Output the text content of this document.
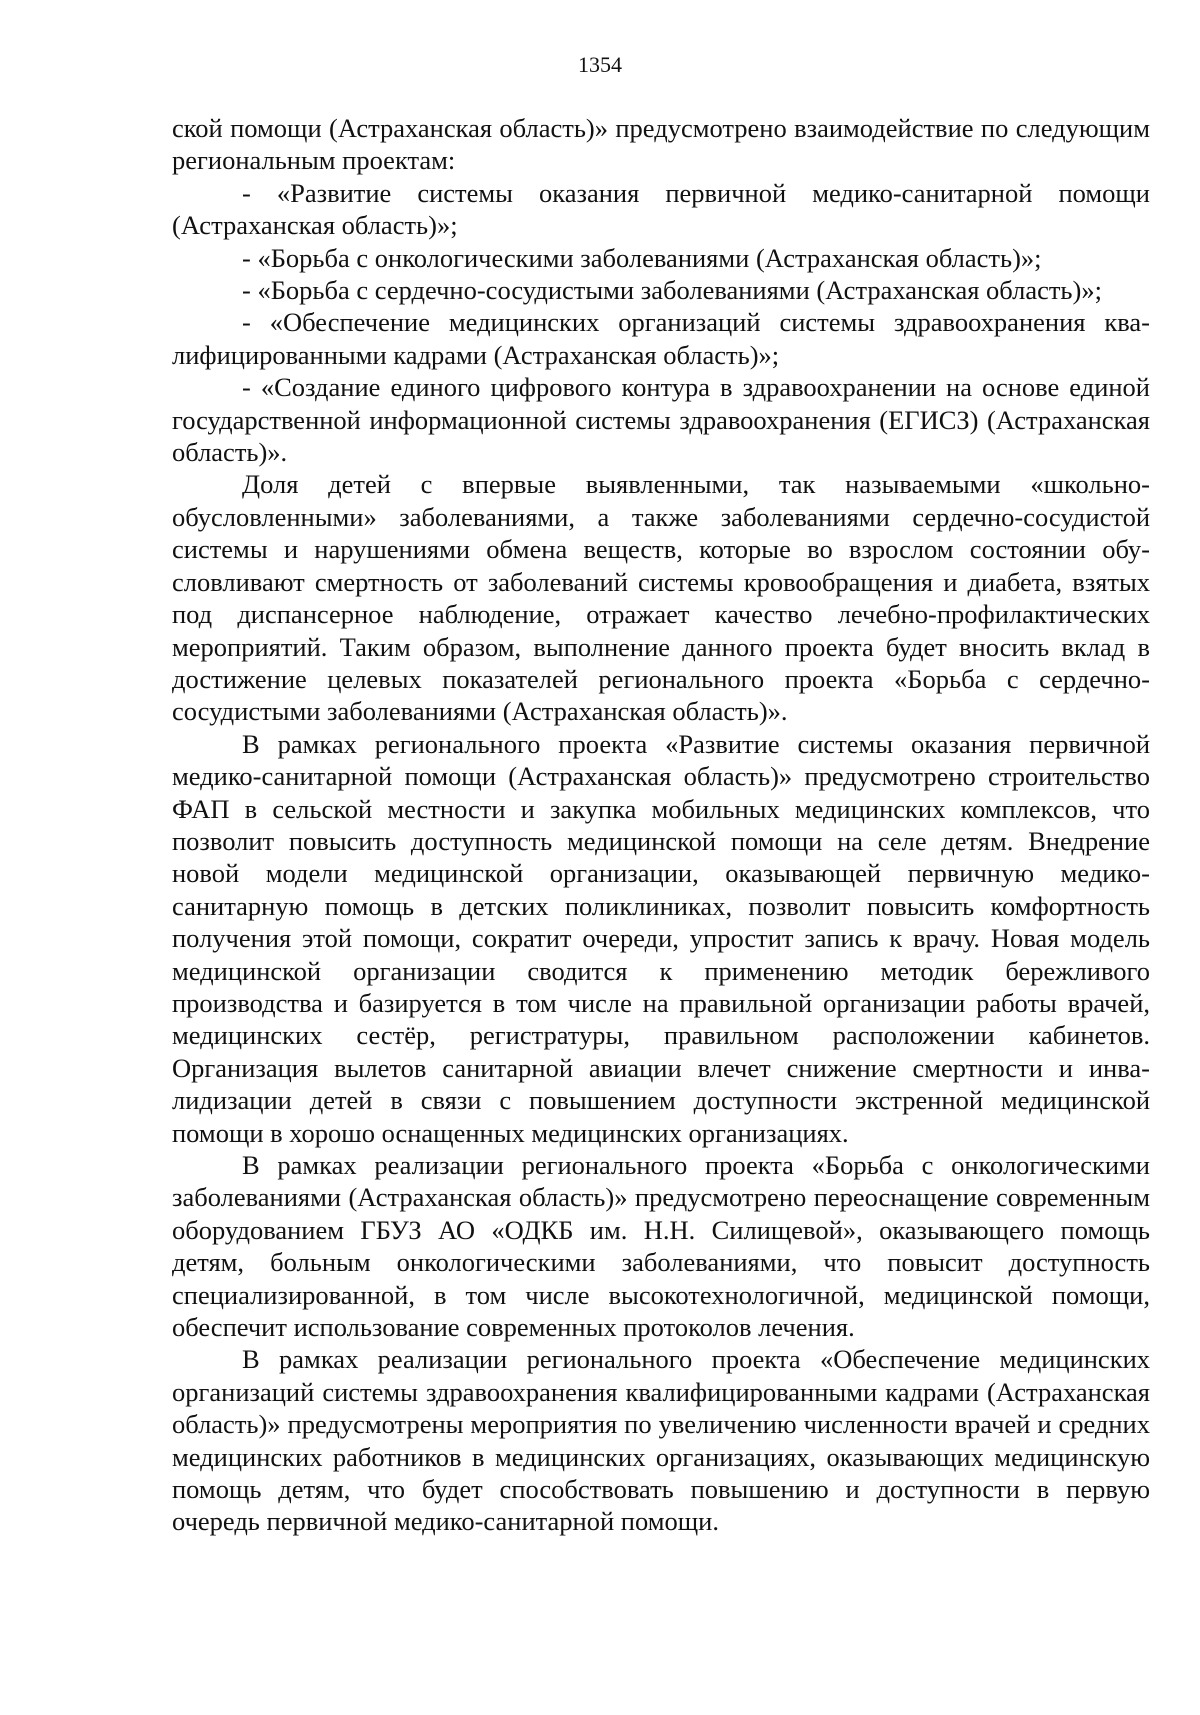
1354

ской помощи (Астраханская область)» предусмотрено взаимодействие по следующим региональным проектам:

- «Развитие системы оказания первичной медико-санитарной помощи (Астраханская область)»;

- «Борьба с онкологическими заболеваниями (Астраханская область)»;

- «Борьба с сердечно-сосудистыми заболеваниями (Астраханская область)»;

- «Обеспечение медицинских организаций системы здравоохранения квалифицированными кадрами (Астраханская область)»;

- «Создание единого цифрового контура в здравоохранении на основе единой государственной информационной системы здравоохранения (ЕГИСЗ) (Астраханская область)».

Доля детей с впервые выявленными, так называемыми «школьно-обусловленными» заболеваниями, а также заболеваниями сердечно-сосудистой системы и нарушениями обмена веществ, которые во взрослом состоянии обусловливают смертность от заболеваний системы кровообращения и диабета, взятых под диспансерное наблюдение, отражает качество лечебно-профилактических мероприятий. Таким образом, выполнение данного проекта будет вносить вклад в достижение целевых показателей регионального проекта «Борьба с сердечно-сосудистыми заболеваниями (Астраханская область)».

В рамках регионального проекта «Развитие системы оказания первичной медико-санитарной помощи (Астраханская область)» предусмотрено строительство ФАП в сельской местности и закупка мобильных медицинских комплексов, что позволит повысить доступность медицинской помощи на селе детям. Внедрение новой модели медицинской организации, оказывающей первичную медико-санитарную помощь в детских поликлиниках, позволит повысить комфортность получения этой помощи, сократит очереди, упростит запись к врачу. Новая модель медицинской организации сводится к применению методик бережливого производства и базируется в том числе на правильной организации работы врачей, медицинских сестёр, регистратуры, правильном расположении кабинетов. Организация вылетов санитарной авиации влечет снижение смертности и инвалидизации детей в связи с повышением доступности экстренной медицинской помощи в хорошо оснащенных медицинских организациях.

В рамках реализации регионального проекта «Борьба с онкологическими заболеваниями (Астраханская область)» предусмотрено переоснащение современным оборудованием ГБУЗ АО «ОДКБ им. Н.Н. Силищевой», оказывающего помощь детям, больным онкологическими заболеваниями, что повысит доступность специализированной, в том числе высокотехнологичной, медицинской помощи, обеспечит использование современных протоколов лечения.

В рамках реализации регионального проекта «Обеспечение медицинских организаций системы здравоохранения квалифицированными кадрами (Астраханская область)» предусмотрены мероприятия по увеличению численности врачей и средних медицинских работников в медицинских организациях, оказывающих медицинскую помощь детям, что будет способствовать повышению и доступности в первую очередь первичной медико-санитарной помощи.
